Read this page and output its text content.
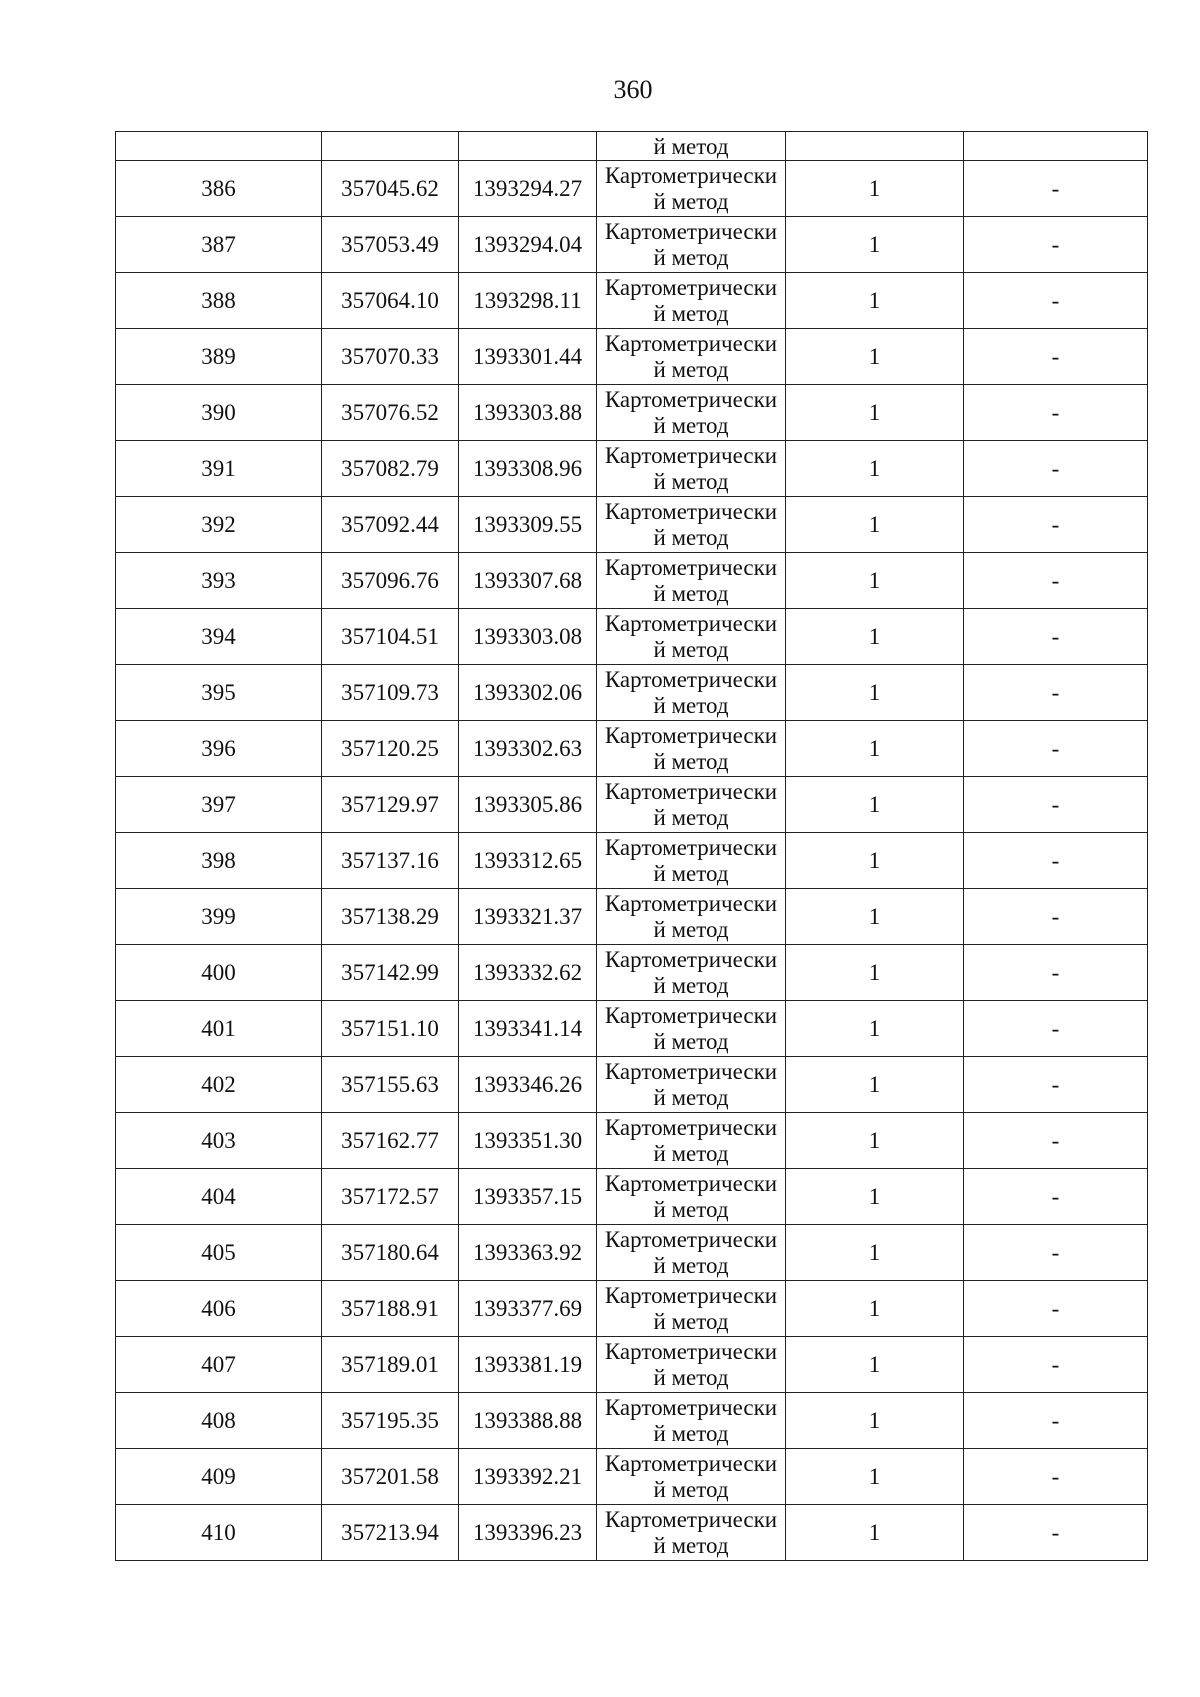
360

			й метод		

386	357045.62	1393294.27	Картометрически
й метод	1	-
387	357053.49	1393294.04	Картометрически
й метод	1	-
388	357064.10	1393298.11	Картометрически
й метод	1	-
389	357070.33	1393301.44	Картометрически
й метод	1	-
390	357076.52	1393303.88	Картометрически
й метод	1	-
391	357082.79	1393308.96	Картометрически
й метод	1	-
392	357092.44	1393309.55	Картометрически
й метод	1	-
393	357096.76	1393307.68	Картометрически
й метод	1	-
394	357104.51	1393303.08	Картометрически
й метод	1	-
395	357109.73	1393302.06	Картометрически
й метод	1	-
396	357120.25	1393302.63	Картометрически
й метод	1	-
397	357129.97	1393305.86	Картометрически
й метод	1	-
398	357137.16	1393312.65	Картометрически
й метод	1	-
399	357138.29	1393321.37	Картометрически
й метод	1	-
400	357142.99	1393332.62	Картометрически
й метод	1	-
401	357151.10	1393341.14	Картометрически
й метод	1	-
402	357155.63	1393346.26	Картометрически
й метод	1	-
403	357162.77	1393351.30	Картометрически
й метод	1	-
404	357172.57	1393357.15	Картометрически
й метод	1	-
405	357180.64	1393363.92	Картометрически
й метод	1	-
406	357188.91	1393377.69	Картометрически
й метод	1	-
407	357189.01	1393381.19	Картометрически
й метод	1	-
408	357195.35	1393388.88	Картометрически
й метод	1	-
409	357201.58	1393392.21	Картометрически
й метод	1	-
410	357213.94	1393396.23	Картометрически
й метод	1	-
